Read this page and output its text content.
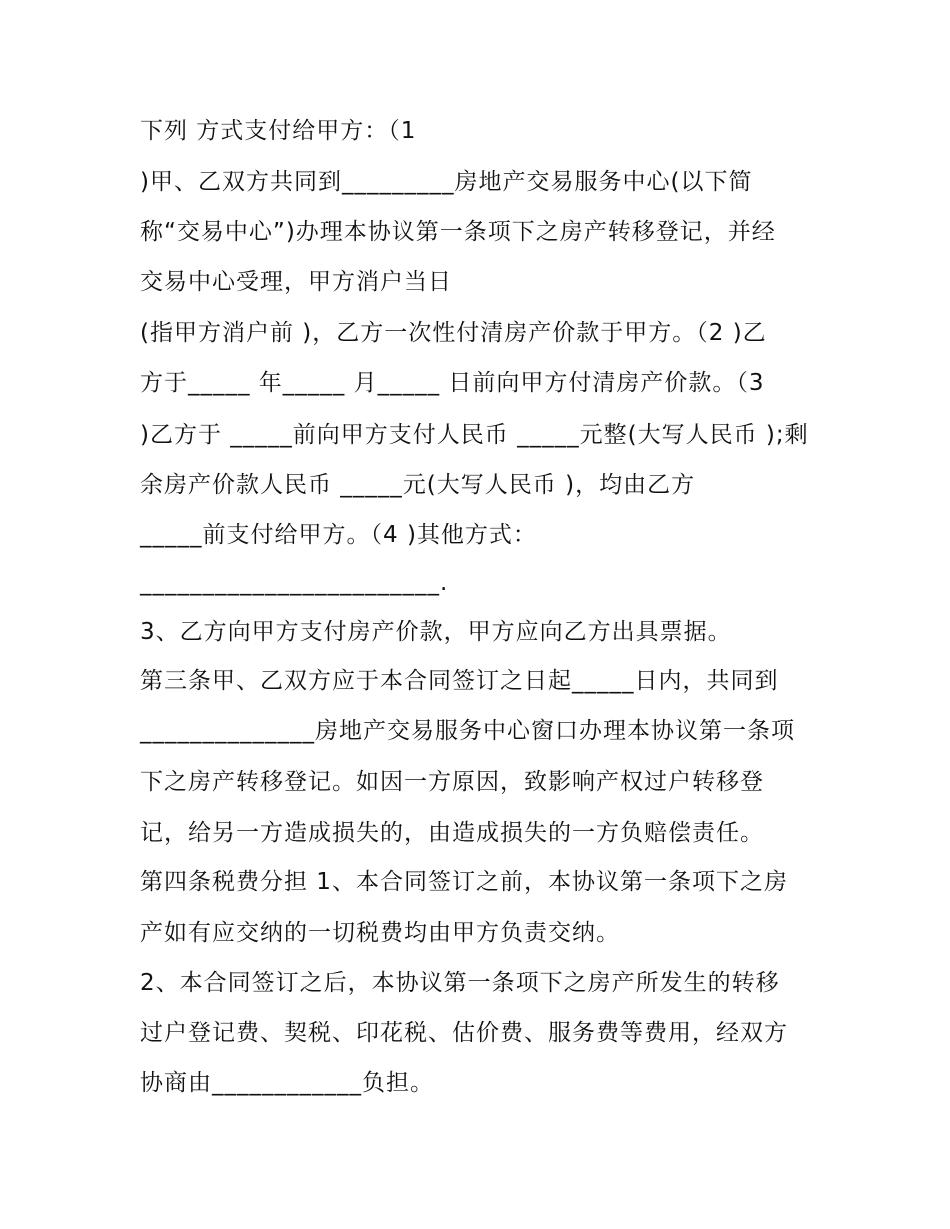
下列 方式支付给甲方：（1
)甲、乙双方共同到_________房地产交易服务中心(以下简
称“交易中心”)办理本协议第一条项下之房产转移登记，并经
交易中心受理，甲方消户当日
(指甲方消户前 )，乙方一次性付清房产价款于甲方。（2 )乙
方于_____ 年_____ 月_____ 日前向甲方付清房产价款。（3
)乙方于 _____前向甲方支付人民币 _____元整(大写人民币 );剩
余房产价款人民币 _____元(大写人民币 )，均由乙方
_____前支付给甲方。（4 )其他方式：
________________________.
3、乙方向甲方支付房产价款，甲方应向乙方出具票据。
第三条甲、乙双方应于本合同签订之日起_____日内，共同到
______________房地产交易服务中心窗口办理本协议第一条项
下之房产转移登记。如因一方原因，致影响产权过户转移登
记，给另一方造成损失的，由造成损失的一方负赔偿责任。
第四条税费分担 1、本合同签订之前，本协议第一条项下之房
产如有应交纳的一切税费均由甲方负责交纳。
2、本合同签订之后，本协议第一条项下之房产所发生的转移
过户登记费、契税、印花税、估价费、服务费等费用，经双方
协商由____________负担。
